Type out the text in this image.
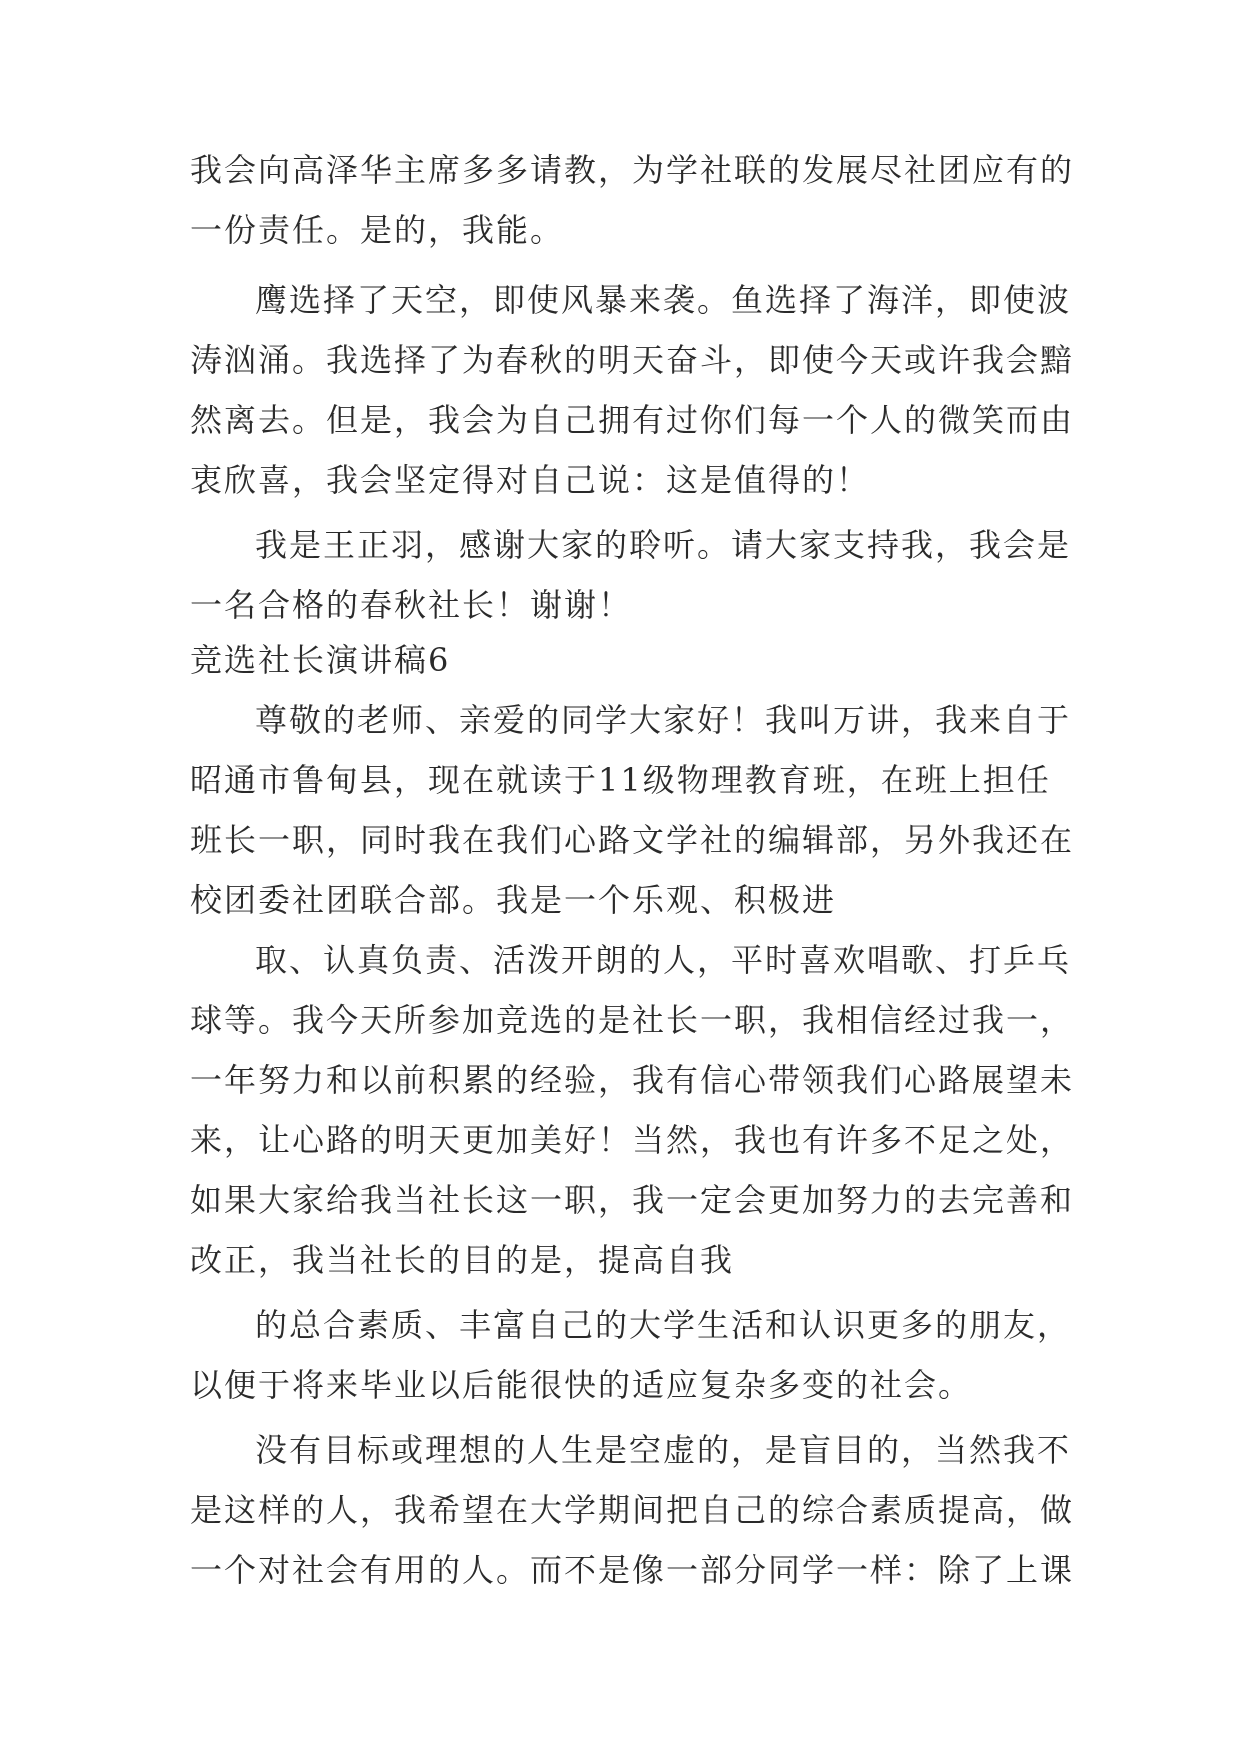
我会向高泽华主席多多请教，为学社联的发展尽社团应有的
一份责任。是的，我能。
鹰选择了天空，即使风暴来袭。鱼选择了海洋，即使波
涛汹涌。我选择了为春秋的明天奋斗，即使今天或许我会黯
然离去。但是，我会为自己拥有过你们每一个人的微笑而由
衷欣喜，我会坚定得对自己说：这是值得的！
我是王正羽，感谢大家的聆听。请大家支持我，我会是
一名合格的春秋社长！谢谢！
竞选社长演讲稿6
尊敬的老师、亲爱的同学大家好！我叫万讲，我来自于
昭通市鲁甸县，现在就读于11级物理教育班，在班上担任
班长一职，同时我在我们心路文学社的编辑部，另外我还在
校团委社团联合部。我是一个乐观、积极进
取、认真负责、活泼开朗的人，平时喜欢唱歌、打乒乓
球等。我今天所参加竞选的是社长一职，我相信经过我一，
一年努力和以前积累的经验，我有信心带领我们心路展望未
来，让心路的明天更加美好！当然，我也有许多不足之处，
如果大家给我当社长这一职，我一定会更加努力的去完善和
改正，我当社长的目的是，提高自我
的总合素质、丰富自己的大学生活和认识更多的朋友，
以便于将来毕业以后能很快的适应复杂多变的社会。
没有目标或理想的人生是空虚的，是盲目的，当然我不
是这样的人，我希望在大学期间把自己的综合素质提高，做
一个对社会有用的人。而不是像一部分同学一样：除了上课
